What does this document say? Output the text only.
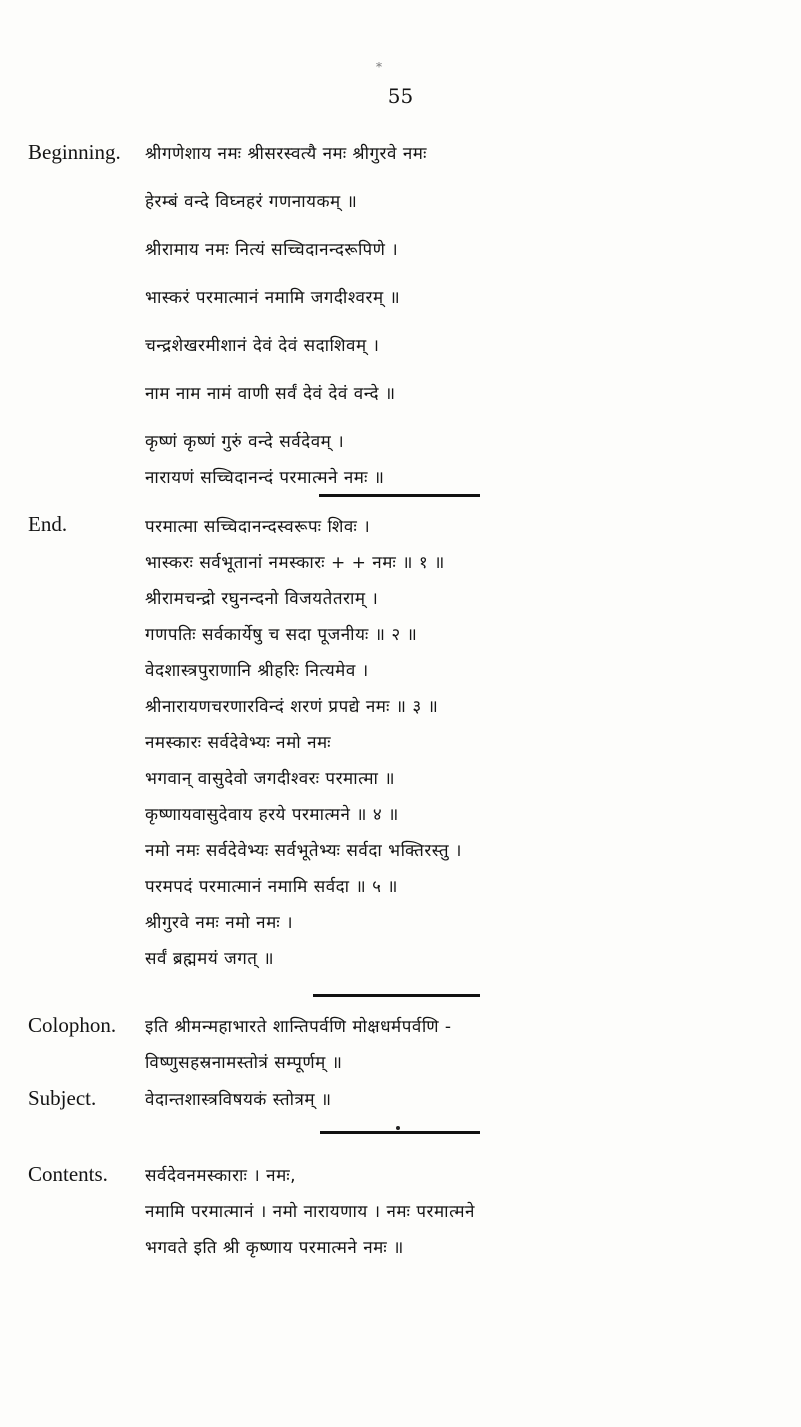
*
55
Beginning. श्रीगणेशाय नमः श्रीसरस्वत्यै नमः श्रीगुरवे नमः
हेरम्बं वन्दे विघ्नहरं गणनायकम् ॥
श्रीरामाय नमः नित्यं सच्चिदानन्दरूपिणे ।
भास्करं परमात्मानं नमामि जगदीश्वरम् ॥
चन्द्रशेखरमीशानं देवं देवं सदाशिवम् ।
नाम नाम नामं वाणी सर्वं देवं देवं वन्दे ॥
कृष्णं कृष्णं गुरुं वन्दे सर्वदेवम् ।
नारायणं सच्चिदानन्दं परमात्मने नमः ॥
End.	परमात्मा सच्चिदानन्दस्वरूपः शिवः ।
भास्करः सर्वभूतानां नमस्कारः + + नमः ॥ १ ॥
श्रीरामचन्द्रो रघुनन्दनो विजयतेतराम् ।
गणपतिः सर्वकार्येषु च सदा पूजनीयः ॥ २ ॥
वेदशास्त्रपुराणानि श्रीहरिः नित्यमेव ।
श्रीनारायणचरणारविन्दं शरणं प्रपद्ये नमः ॥ ३ ॥
नमस्कारः सर्वदेवेभ्यः नमो नमः
भगवान् वासुदेवो जगदीश्वरः परमात्मा ॥
कृष्णायवासुदेवाय हरये परमात्मने ॥ ४ ॥
नमो नमः सर्वदेवेभ्यः सर्वभूतेभ्यः सर्वदा भक्तिरस्तु ।
परमपदं परमात्मानं नमामि सर्वदा ॥ ५ ॥
श्रीगुरवे नमः नमो नमः ।
सर्वं ब्रह्ममयं जगत् ॥
Colophon. इति श्रीमन्महाभारते शान्तिपर्वणि मोक्षधर्मपर्वणि -
विष्णुसहस्रनामस्तोत्रं सम्पूर्णम् ॥
Subject.	वेदान्तशास्त्रविषयकं स्तोत्रम् ॥
Contents. सर्वदेवनमस्काराः । नमः,
नमामि परमात्मानं । नमो नारायणाय । नमः परमात्मने
भगवते इति श्री कृष्णाय परमात्मने नमः ॥
